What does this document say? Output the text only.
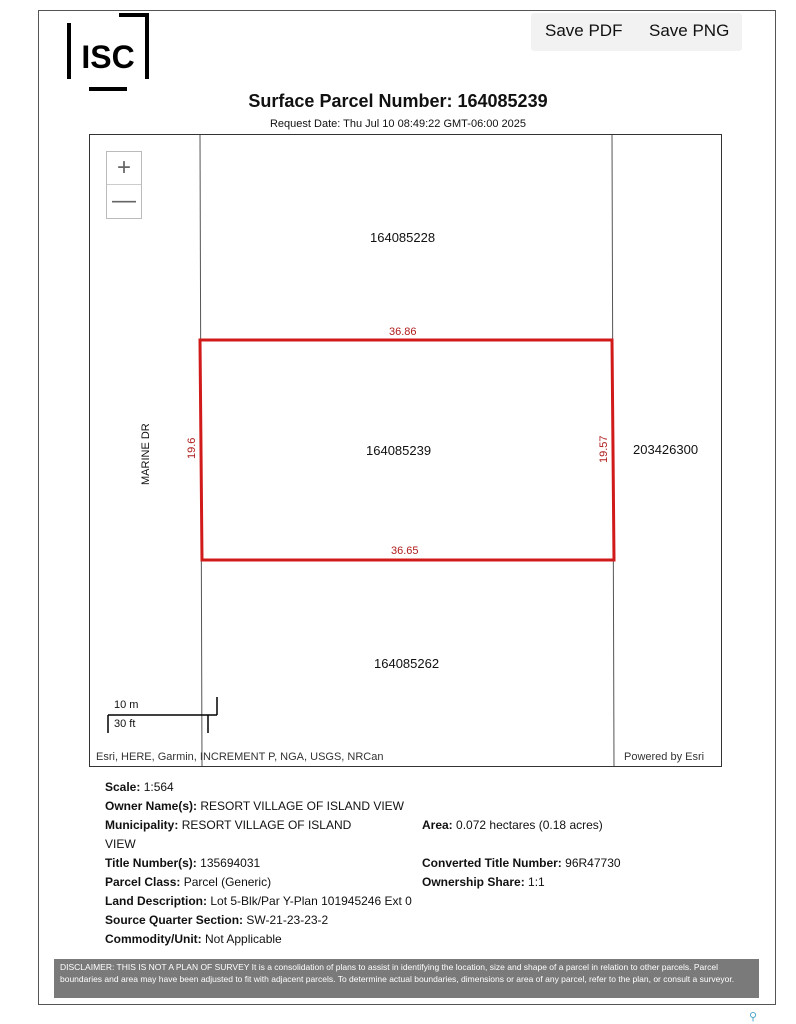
ISC
Save PDF Save PNG
Surface Parcel Number: 164085239
Request Date: Thu Jul 10 08:49:22 GMT-06:00 2025
+
—
164085228
164085239	203426300
164085262
36.86
36.65
19.6	19.57
MARINE DR
10 m
30 ft
Esri, HERE, Garmin, INCREMENT P, NGA, USGS, NRCan	Powered by Esri
Scale: 1:564
Owner Name(s): RESORT VILLAGE OF ISLAND VIEW
Municipality: RESORT VILLAGE OF ISLAND
VIEW
Area: 0.072 hectares (0.18 acres)
Title Number(s): 135694031	Converted Title Number: 96R47730
Parcel Class: Parcel (Generic)	Ownership Share: 1:1
Land Description: Lot 5-Blk/Par Y-Plan 101945246 Ext 0
Source Quarter Section: SW-21-23-23-2
Commodity/Unit: Not Applicable
DISCLAIMER: THIS IS NOT A PLAN OF SURVEY It is a consolidation of plans to assist in identifying the location, size and shape of a parcel in relation to other parcels. Parcel boundaries and area may have been adjusted to fit with adjacent parcels. To determine actual boundaries, dimensions or area of any parcel, refer to the plan, or consult a surveyor.
⚲
